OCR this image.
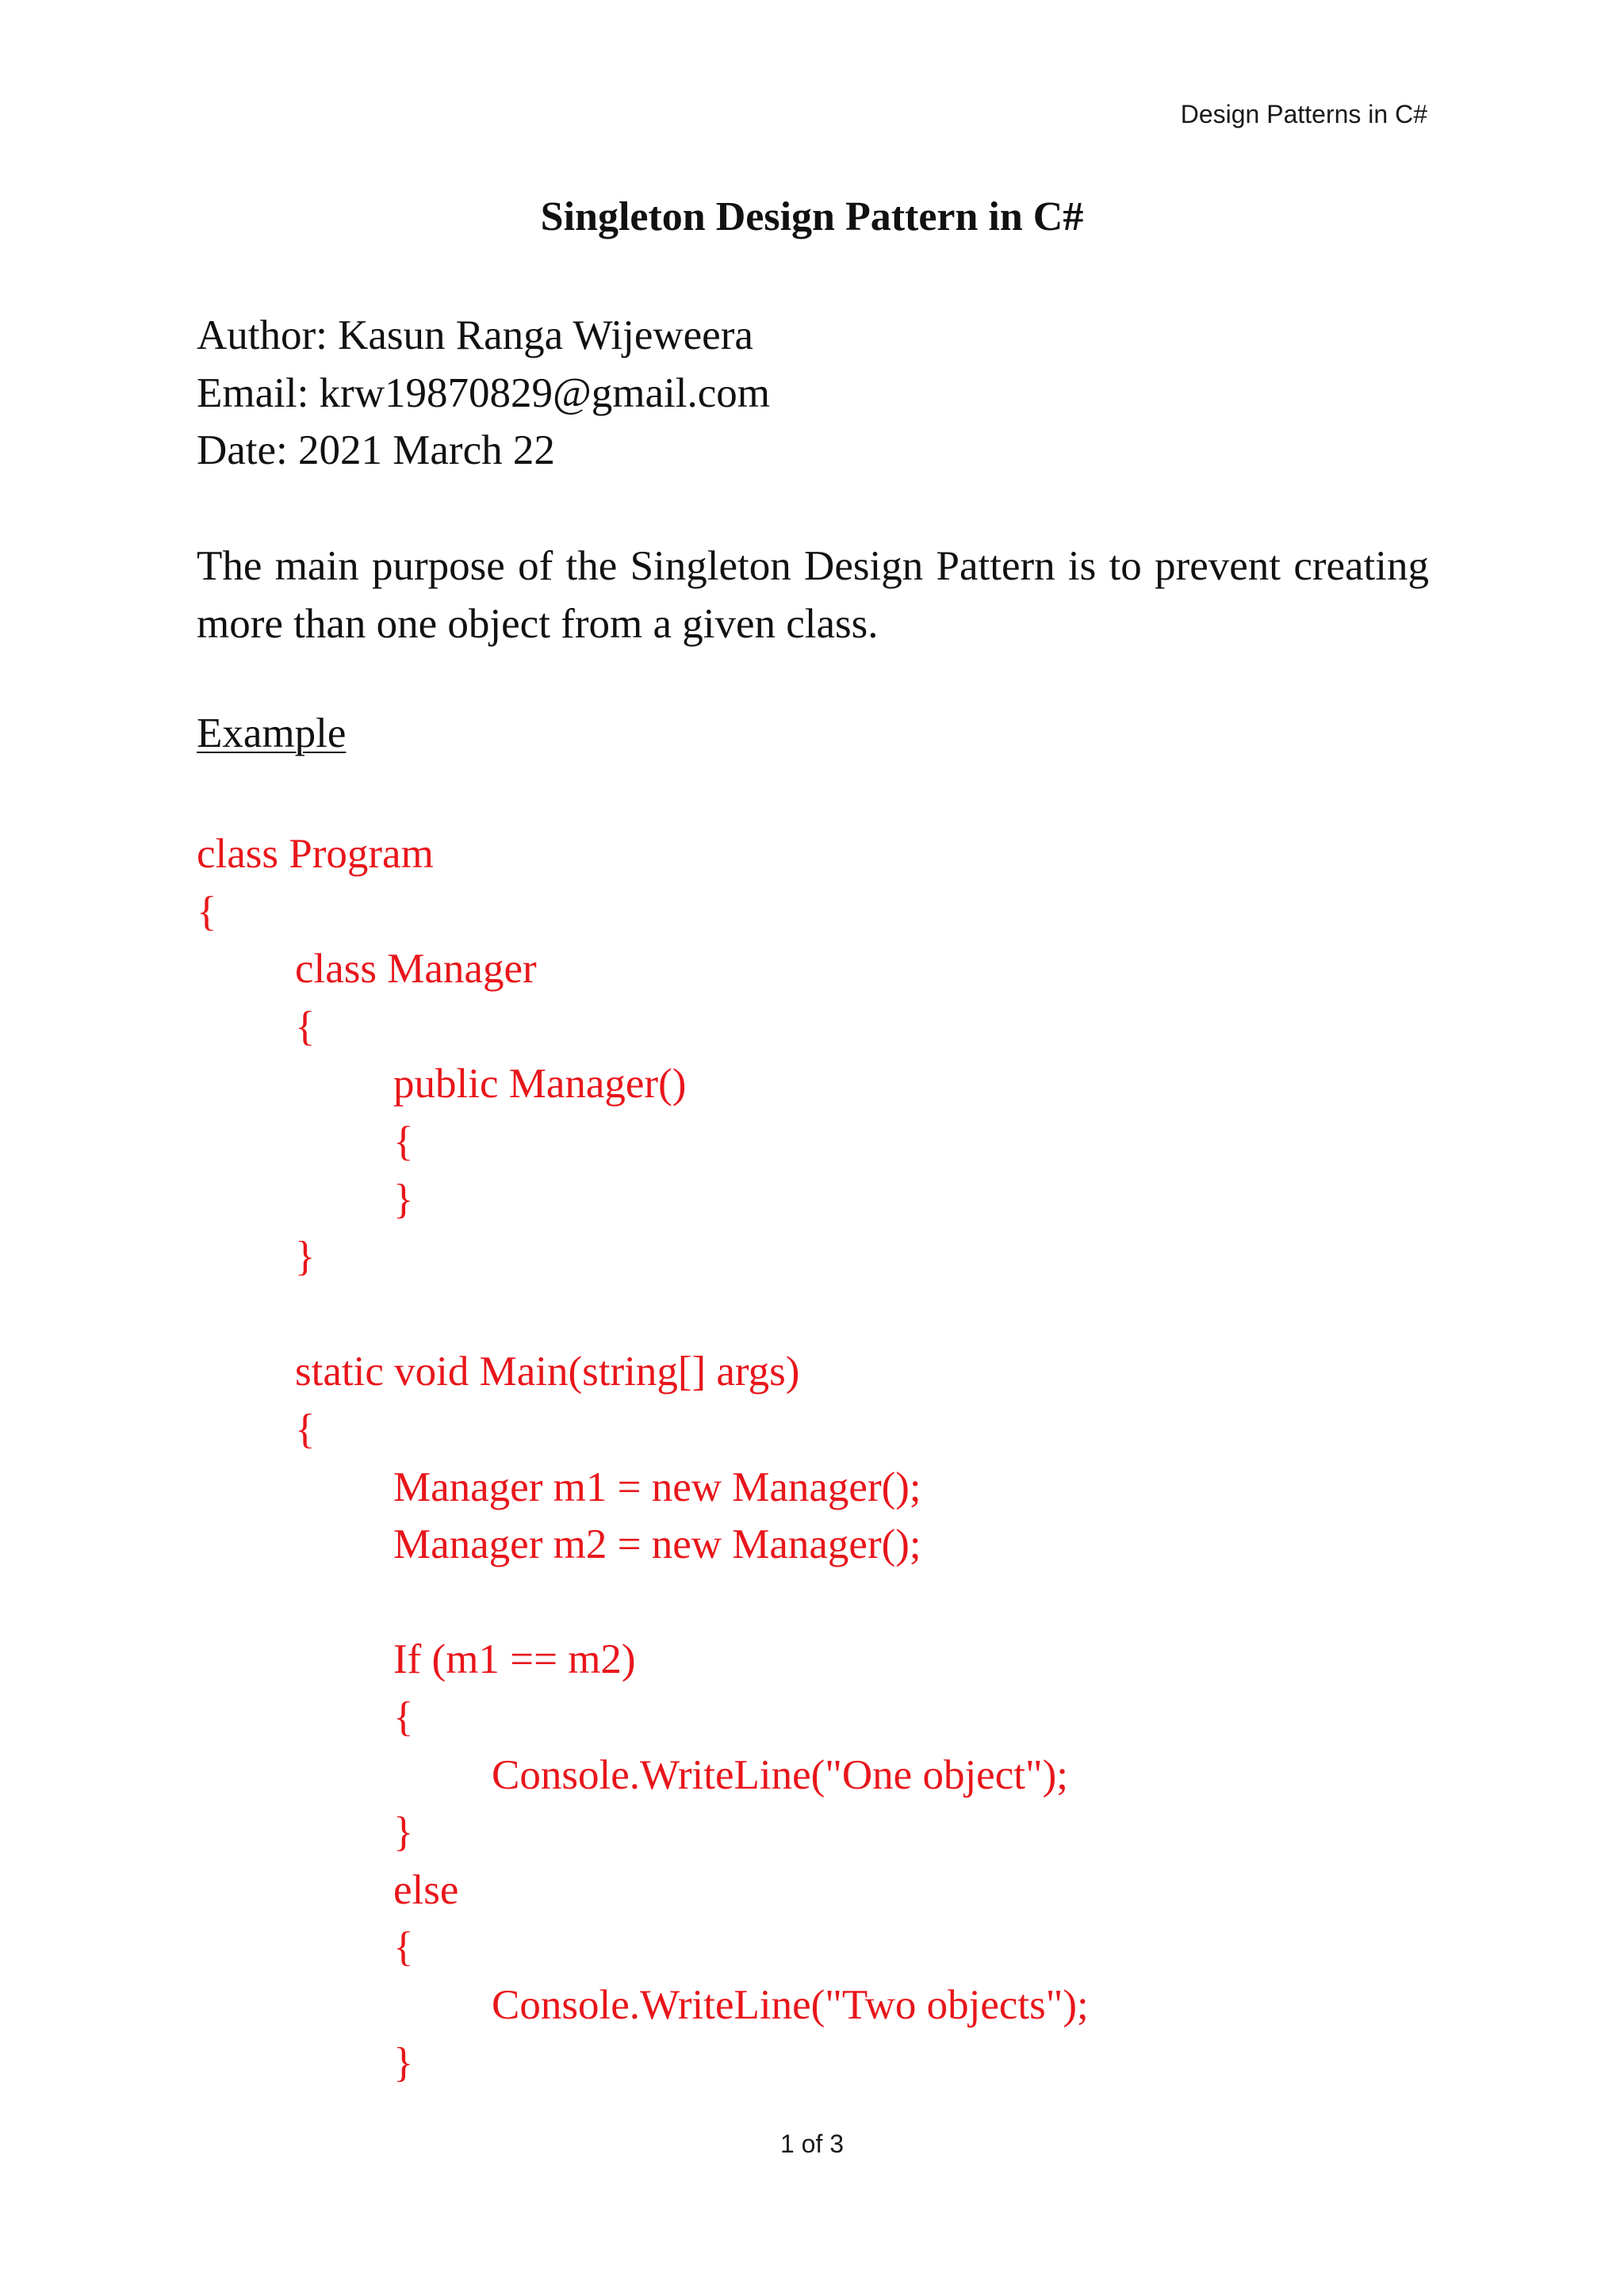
Design Patterns in C#
Singleton Design Pattern in C#
Author: Kasun Ranga Wijeweera
Email: krw19870829@gmail.com
Date: 2021 March 22
The main purpose of the Singleton Design Pattern is to prevent creating more than one object from a given class.
Example
class Program
{
class Manager
{
public Manager()
{
}
}
static void Main(string[] args)
{
Manager m1 = new Manager();
Manager m2 = new Manager();
If (m1 == m2)
{
Console.WriteLine("One object");
}
else
{
Console.WriteLine("Two objects");
}
1 of 3
